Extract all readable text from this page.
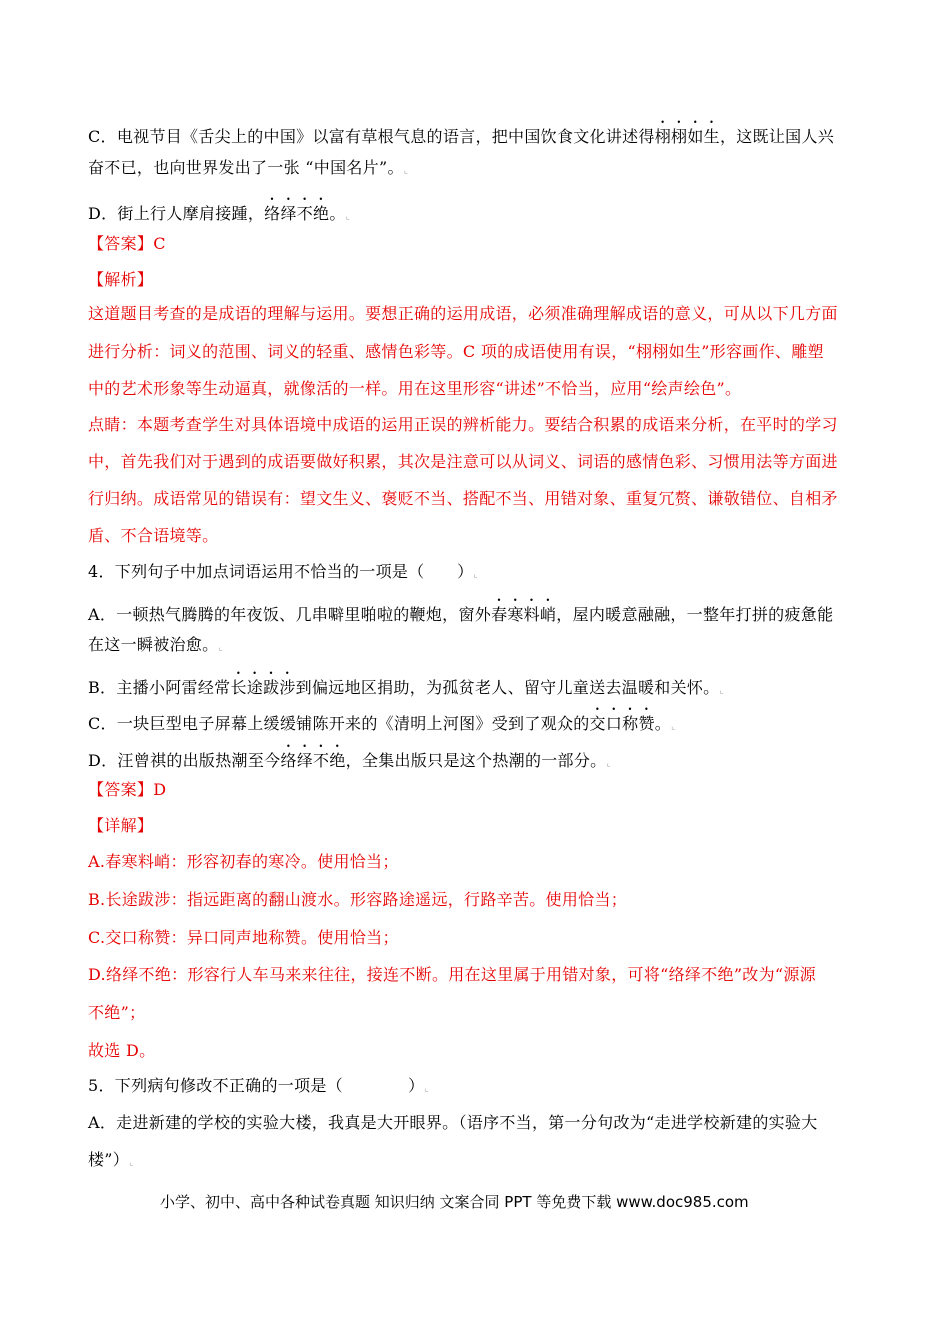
C．电视节目《舌尖上的中国》以富有草根气息的语言，把中国饮食文化讲述得栩栩如生，这既让国人兴
奋不已，也向世界发出了一张 “中国名片”。⌞
D．街上行人摩肩接踵，络绎不绝。⌞
【答案】C
【解析】
这道题目考查的是成语的理解与运用。要想正确的运用成语，必须准确理解成语的意义，可从以下几方面
进行分析：词义的范围、词义的轻重、感情色彩等。C 项的成语使用有误，“栩栩如生”形容画作、雕塑
中的艺术形象等生动逼真，就像活的一样。用在这里形容“讲述”不恰当，应用“绘声绘色”。
点睛：本题考查学生对具体语境中成语的运用正误的辨析能力。要结合积累的成语来分析，在平时的学习
中，首先我们对于遇到的成语要做好积累，其次是注意可以从词义、词语的感情色彩、习惯用法等方面进
行归纳。成语常见的错误有：望文生义、褒贬不当、搭配不当、用错对象、重复冗赘、谦敬错位、自相矛
盾、不合语境等。
4．下列句子中加点词语运用不恰当的一项是（　　）⌞
A．一顿热气腾腾的年夜饭、几串噼里啪啦的鞭炮，窗外春寒料峭，屋内暖意融融，一整年打拼的疲惫能
在这一瞬被治愈。⌞
B．主播小阿雷经常长途跋涉到偏远地区捐助，为孤贫老人、留守儿童送去温暖和关怀。⌞
C．一块巨型电子屏幕上缓缓铺陈开来的《清明上河图》受到了观众的交口称赞。⌞
D．汪曾祺的出版热潮至今络绎不绝，全集出版只是这个热潮的一部分。⌞
【答案】D
【详解】
A.春寒料峭：形容初春的寒冷。使用恰当；
B.长途跋涉：指远距离的翻山渡水。形容路途遥远，行路辛苦。使用恰当；
C.交口称赞：异口同声地称赞。使用恰当；
D.络绎不绝：形容行人车马来来往往，接连不断。用在这里属于用错对象，可将“络绎不绝”改为“源源
不绝”；
故选 D。
5．下列病句修改不正确的一项是（　　　　）⌞
A．走进新建的学校的实验大楼，我真是大开眼界。（语序不当，第一分句改为“走进学校新建的实验大
楼”）⌞
小学、初中、高中各种试卷真题 知识归纳 文案合同 PPT 等免费下载 www.doc985.com
